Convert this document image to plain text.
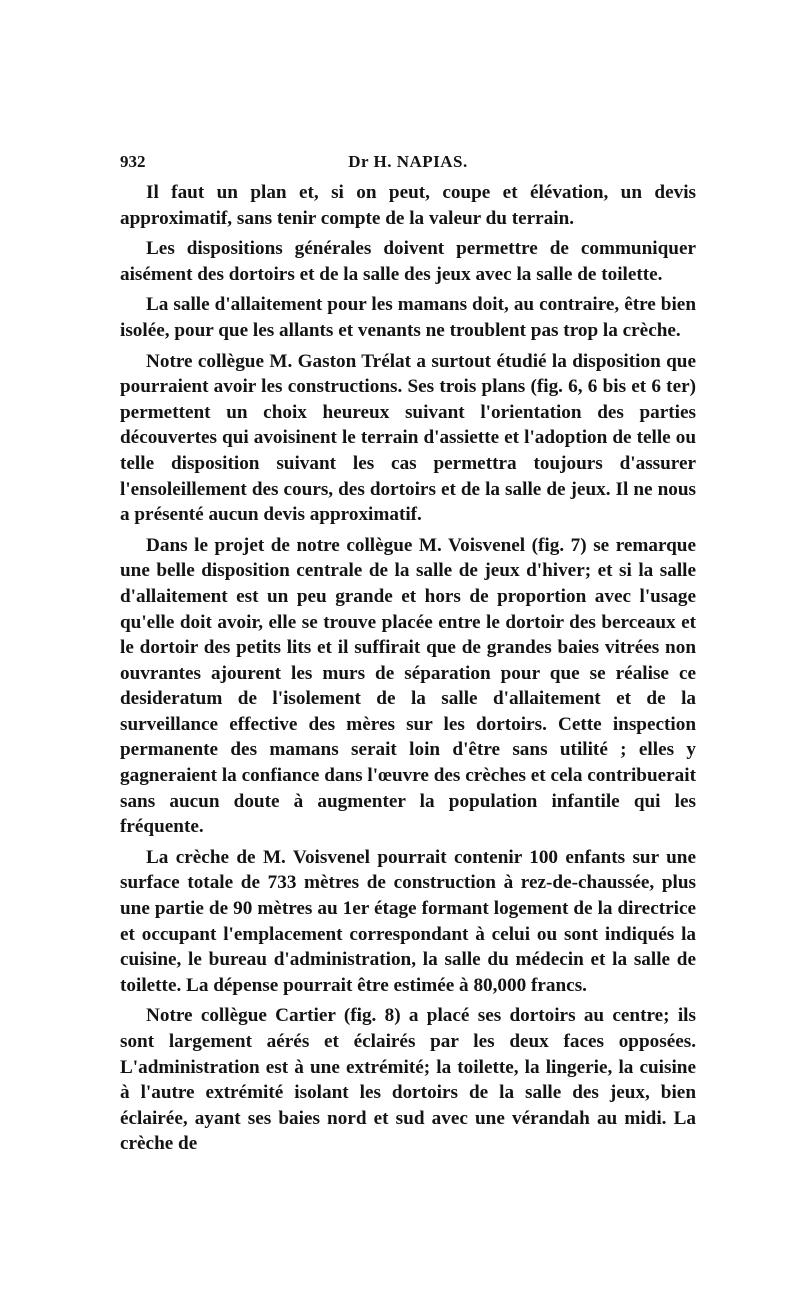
932	Dr H. NAPIAS.

Il faut un plan et, si on peut, coupe et élévation, un devis approximatif, sans tenir compte de la valeur du terrain.

Les dispositions générales doivent permettre de communiquer aisément des dortoirs et de la salle des jeux avec la salle de toilette.

La salle d'allaitement pour les mamans doit, au contraire, être bien isolée, pour que les allants et venants ne troublent pas trop la crèche.

Notre collègue M. Gaston Trélat a surtout étudié la disposition que pourraient avoir les constructions. Ses trois plans (fig. 6, 6 bis et 6 ter) permettent un choix heureux suivant l'orientation des parties découvertes qui avoisinent le terrain d'assiette et l'adoption de telle ou telle disposition suivant les cas permettra toujours d'assurer l'ensoleillement des cours, des dortoirs et de la salle de jeux. Il ne nous a présenté aucun devis approximatif.

Dans le projet de notre collègue M. Voisvenel (fig. 7) se remarque une belle disposition centrale de la salle de jeux d'hiver; et si la salle d'allaitement est un peu grande et hors de proportion avec l'usage qu'elle doit avoir, elle se trouve placée entre le dortoir des berceaux et le dortoir des petits lits et il suffirait que de grandes baies vitrées non ouvrantes ajourent les murs de séparation pour que se réalise ce desideratum de l'isolement de la salle d'allaitement et de la surveillance effective des mères sur les dortoirs. Cette inspection permanente des mamans serait loin d'être sans utilité ; elles y gagneraient la confiance dans l'œuvre des crèches et cela contribuerait sans aucun doute à augmenter la population infantile qui les fréquente.

La crèche de M. Voisvenel pourrait contenir 100 enfants sur une surface totale de 733 mètres de construction à rez-de-chaussée, plus une partie de 90 mètres au 1er étage formant logement de la directrice et occupant l'emplacement correspondant à celui ou sont indiqués la cuisine, le bureau d'administration, la salle du médecin et la salle de toilette. La dépense pourrait être estimée à 80,000 francs.

Notre collègue Cartier (fig. 8) a placé ses dortoirs au centre; ils sont largement aérés et éclairés par les deux faces opposées. L'administration est à une extrémité; la toilette, la lingerie, la cuisine à l'autre extrémité isolant les dortoirs de la salle des jeux, bien éclairée, ayant ses baies nord et sud avec une vérandah au midi. La crèche de
